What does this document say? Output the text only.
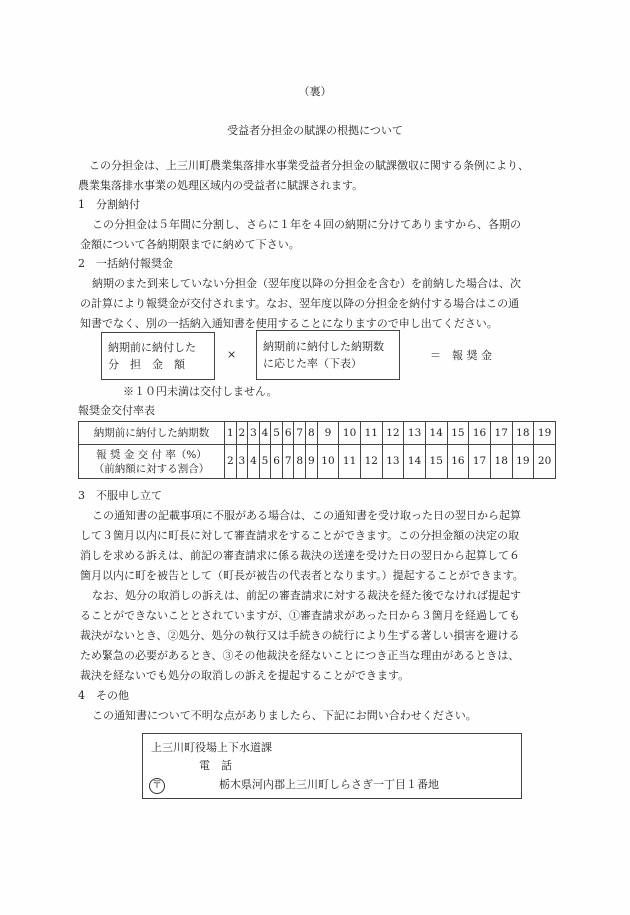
（裏）
受益者分担金の賦課の根拠について
この分担金は、上三川町農業集落排水事業受益者分担金の賦課徴収に関する条例により、
農業集落排水事業の処理区域内の受益者に賦課されます。
1　分割納付
この分担金は５年間に分割し、さらに１年を４回の納期に分けてありますから、各期の
金額について各納期限までに納めて下さい。
2　一括納付報奨金
納期のまた到来していない分担金（翌年度以降の分担金を含む）を前納した場合は、次
の計算により報奨金が交付されます。なお、翌年度以降の分担金を納付する場合はこの通
知書でなく、別の一括納入通知書を使用することになりますので申し出てください。
納期前に納付した
分　担　金　額
×
納期前に納付した納期数
に応じた率（下表）
＝　報 奨 金
※１０円未満は交付しません。
報奨金交付率表
納期前に納付した納期数	1	2	3	4	5	6	7	8	9	10	11	12	13	14	15	16	17	18	19

報 奨 金 交 付 率（%）
（前納額に対する割合）	2	3	4	5	6	7	8	9	10	11	12	13	14	15	16	17	18	19	20
3　不服申し立て
この通知書の記載事項に不服がある場合は、この通知書を受け取った日の翌日から起算
して３箇月以内に町長に対して審査請求をすることができます。この分担金額の決定の取
消しを求める訴えは、前記の審査請求に係る裁決の送達を受けた日の翌日から起算して６
箇月以内に町を被告として（町長が被告の代表者となります。）提起することができます。
なお、処分の取消しの訴えは、前記の審査請求に対する裁決を経た後でなければ提起す
ることができないこととされていますが、①審査請求があった日から３箇月を経過しても
裁決がないとき、②処分、処分の執行又は手続きの続行により生ずる著しい損害を避ける
ため緊急の必要があるとき、③その他裁決を経ないことにつき正当な理由があるときは、
裁決を経ないでも処分の取消しの訴えを提起することができます。
4　その他
この通知書について不明な点がありましたら、下記にお問い合わせください。
上三川町役場上下水道課
電　話
〒	栃木県河内郡上三川町しらさぎ一丁目１番地
